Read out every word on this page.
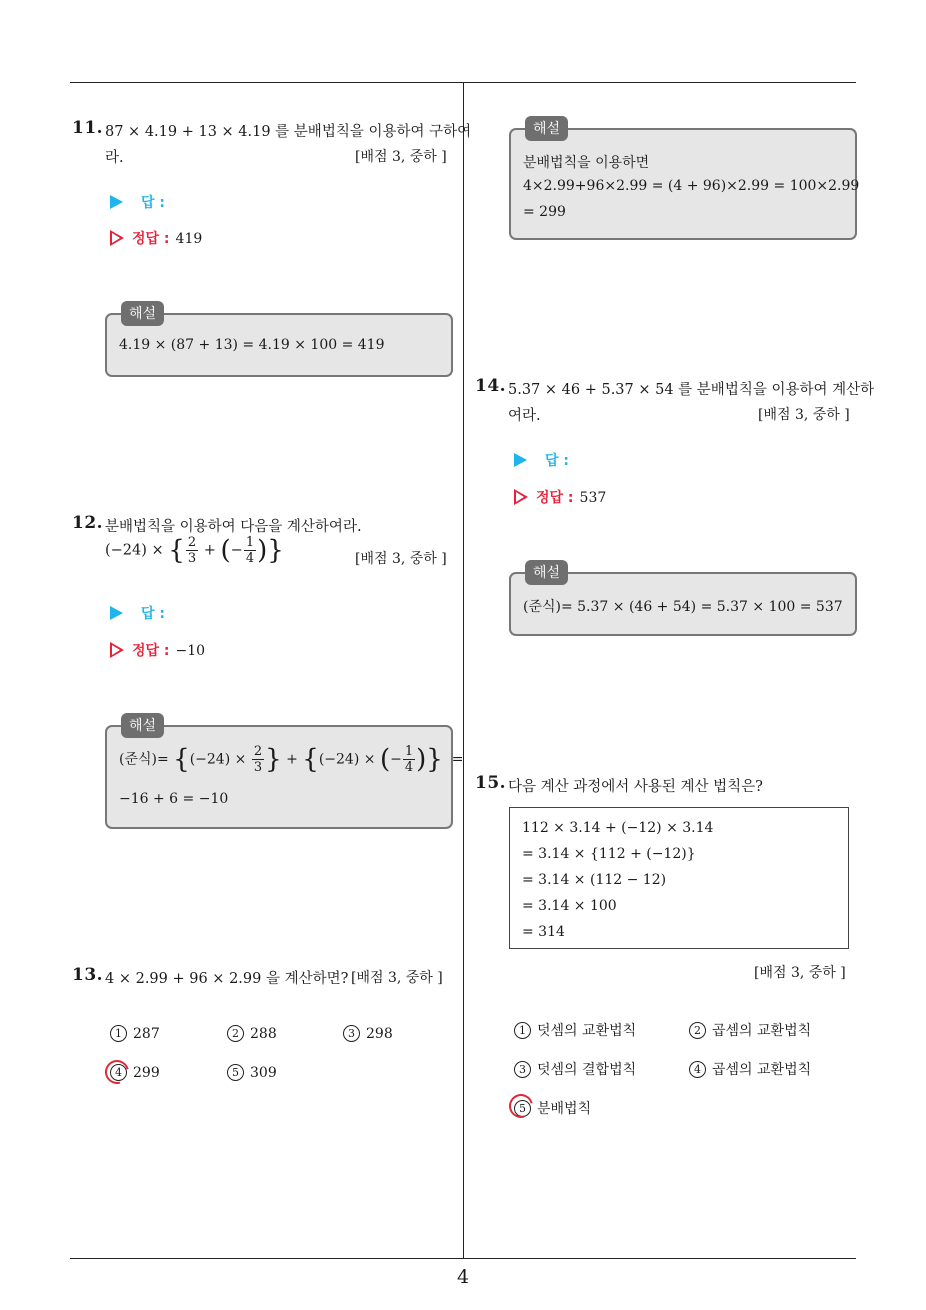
4
11. 87 × 4.19 + 13 × 4.19 를 분배법칙을 이용하여 구하여
라.	[배점 3, 중하 ]
답 :
정답 : 419
해설
4.19 × (87 + 13) = 4.19 × 100 = 419
12. 분배법칙을 이용하여 다음을 계산하여라.
(−24) × { $\frac{2}{3}$ + (− $\frac{1}{4}$ )}	[배점 3, 중하 ]
답 :
정답 : −10
해설
(준식)= {$(-24) \times \frac{2}{3}$ } + {(−24) × (− $\frac{1}{4}$ )} =
−16 + 6 = −10
13. 4 × 2.99 + 96 × 2.99 을 계산하면? [배점 3, 중하 ]
1 287	2 288	3 298
4 299	5 309
해설
분배법칙을 이용하면
4×2.99+96×2.99 = (4 + 96)×2.99 = 100×2.99
= 299
14. 5.37 × 46 + 5.37 × 54 를 분배법칙을 이용하여 계산하
여라.	[배점 3, 중하 ]
답 :
정답 : 537
해설
(준식)= 5.37 × (46 + 54) = 5.37 × 100 = 537
15. 다음 계산 과정에서 사용된 계산 법칙은?
112 × 3.14 + (−12) × 3.14
= 3.14 × {112 + (−12)}
= 3.14 × (112 − 12)
= 3.14 × 100
= 314
[배점 3, 중하 ]
1 덧셈의 교환법칙	2 곱셈의 교환법칙
3 덧셈의 결합법칙	4 곱셈의 교환법칙
5 분배법칙
